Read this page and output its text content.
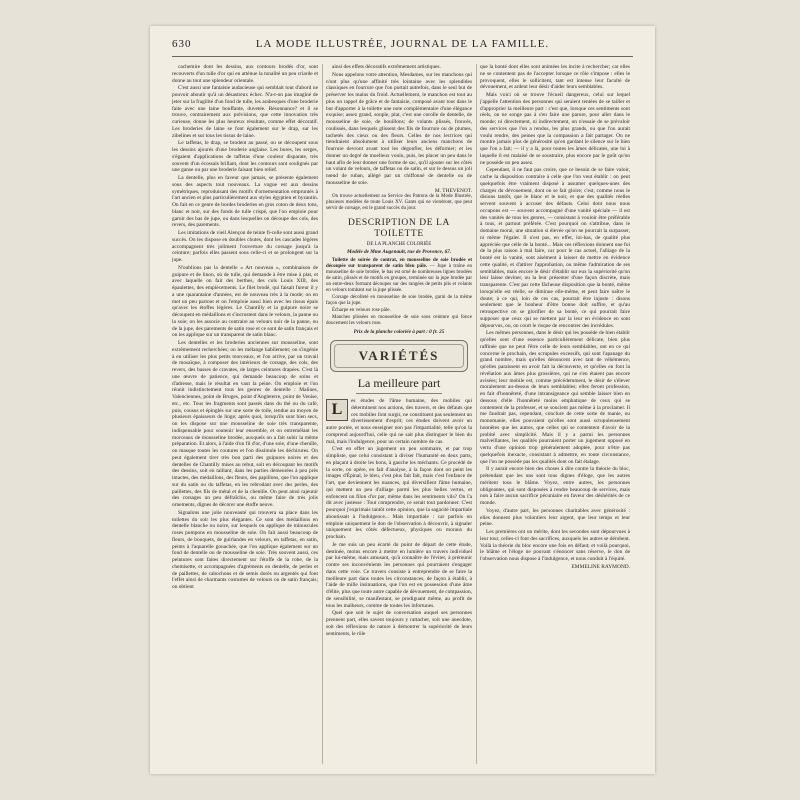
630	LA MODE ILLUSTRÉE, JOURNAL DE LA FAMILLE.

cachemire dont les dessins, aux contours brodés d'or, sont recouverts d'un tulle d'or qui en atténue la tonalité un peu criarde et donne au tout une splendeur orientale.

C'est aussi une fantaisie audacieuse qui semblait tout d'abord ne pouvoir aboutir qu'à un désastreux échec. N'a-t-on pas imaginé de jeter sur la fragilité d'un fond de tulle, les arabesques d'une broderie faite avec une laine bouffante, duvetée. Résonnance? et il se trouve, contrairement aux prévisions, que cette innovation très curieuse, donne les plus heureux résultats, comme effet décoratif. Les broderies de laine se font également sur le drap, sur les zibelines et sur tous les tissus de laine.

Le taffetas, le drap, se brodent au passé, ou se découpent sous les dessins ajourés d'une broderie anglaise. Les bures, les serges, s'égaient d'applications de taffetas d'une couleur disparate, très souvent d'un écossais brillant, dont les contours sont soulignés par une ganse ou par une broderie faisant bien relief.

La dentelle, plus en faveur que jamais, se présente également sous des aspects tout nouveaux. La vogue est aux dessins symétriques, reproduisant des motifs d'ornementation empruntés à l'art ancien et plus particulièrement aux styles égyptien et byzantin. On fait en ce genre de bordes broderies en gros coton de deux tons, blanc et noir, sur des fonds de tulle crispé, que l'on emploie pour garnir des bas de jupe, ou dans lesquelles on découpe des cols, des revers, des parements.

Les imitations de vieil Alençon de teinte fi-celle sont aussi grand succès. On les dispose en doubles chutes, dont les cascades légères accompagnent très joliment l'ouverture du corsage jusqu'à la ceinture; parfois elles passent sous celle-ci et se prolongent sur la jupe.

N'oublions pas la dentelle « Art nouveau », combinaison de guipure et de linon, où de tulle, qui demande à être mise à plat, et avec laquelle on fait des berthes, des cols Louis XIII, des épaulettes, des empiècements. Le filet brodé, qui faisait fureur il y a une quarantaine d'années, est de nouveau très à la mode; on en met un peu partout et on l'emploie aussi bien avec les tissus épais qu'avec les étoffes légères. Le Chantilly et la guipure noire se découpent en médaillons et s'incrustent dans le velours, la panne ou la soie; on les associe au contraire au velours noir de la panne, ou de la jupe, des parements de satin rose et ce sont de satin français et on les applique sur un transparent de satin blanc.

Les dentelles et les broderies anciennes sur mousseline, sont extrêmement recherchées; on les mélange habilement; on s'ingénie à en utiliser les plus petits morceaux, et l'on arrive, par un travail de mosaïque, à composer des intérieurs de corsage, des cols, des revers, des basses de cravates, de larges ceintures drapées. C'est là une œuvre de patience, qui demande beaucoup de soins et d'adresse, mais le résultat en vaut la peine. On emploie et l'on réunit indistinctement tous les genres de dentelle : Malines, Valenciennes, point de Bruges, point d'Angleterre, point de Venise, etc., etc. Tous les fragments sont passés dans du thé ou du café, puis, cousus et épinglés sur une sorte de toile, tendue au moyen de plusieurs épaisseurs de linge; après quoi, lorsqu'ils sont bien secs, on les dispose sur une mousseline de soie très transparente, indispensable pour soutenir leur ensemble, et on entremêlant les morceaux de mousseline brodée, auxquels on a fait subir la même préparation. Et alors, à l'aide d'un fil d'or, d'une soie, d'une chenille, on masque toutes les coutures et l'on dissimule les déchirures. On peut également tirer très bon parti des guipures noires et des dentelles de Chantilly mises au rebut, soit en découpant les motifs des dessins, soit en taillant, dans les parties demeurées à peu près intactes, des médaillons, des fleurs, des papillons, que l'on applique sur du satin ou du taffetas, en les rebrodant avec des perles, des paillettes, des fils de métal et de la chenille. On peut ainsi rajeunir des corsages un peu défraîchis, ou même faire de très jolis ornements, dignes de décorer une étoffe neuve.

Signalons une jolie nouveauté qui trouvera sa place dans les toilettes du soir les plus élégantes. Ce sont des médaillons en dentelle blanche ou noire, sur lesquels on applique de minuscules roses pompons en mousseline de soie. On fait aussi beaucoup de fleurs, de bouquets, de guirlandes en velours, en taffetas, en satin, peints à l'aquarelle gouachée, que l'on applique également sur un fond de dentelle ou de mousseline de soie. Très souvent aussi, ces peintures sont faites directement sur l'étoffe de la robe, de la chemisette, et accompagnées d'agréments en dentelle, de perles et de paillettes, de cabochons et de semis dorés ou argentés qui font l'effet ainsi de charmants costumes de velours ou de satin français; on obtient

ainsi des effets décoratifs extrêmement artistiques.

Nous appelons votre attention, Mesdames, sur les manchons qui n'ont plus qu'une affinité très lointaine avec les splendides classiques en fourrure que l'on portait autrefois, dans le seul but de préserver les mains du froid. Actuellement, le manchon est tout au plus un rappel de grâce et de fantaisie, composé avant tout dans le but d'apporter à la toilette une note complémentaire d'une élégance exquise; assez grand, souple, plat, c'est une corolle de dentelle, de mousseline de soie, de bouillons; de volants plissés, froncés, coulissés, dans lesquels glissent des fils de fourrure ou de plumes, tachetés des cieux ou des fleurs. Celles de nos lectrices qui tiendraient absolument à utiliser leurs anciens manchons de fourrure devront avant tout les dégonfler, les déformer; et les donner un degré de moelleux voulu, puis, les placer un peu dans le haut afin de leur donner une forme de sac, qu'il ajouter sur les côtés un volant de velours, de taffetas ou de satin, et sur le dessus un joli nœud de ruban, allégé par un chiffonné de dentelle ou de mousseline de soie.

M. THEVENOT.

On trouve actuellement au Service des Patrons de la Mode Illustrée, plusieurs modèles de toute Louis XV. Gants qui ne viendront, que peut servir de corsage, est le grand succès du jour.

DESCRIPTION DE LA TOILETTE
DE LA PLANCHE COLORIÉE
Modèle de Mme Augenault, rue de Provence, 67.

Toilette de soirée de contrat, en mousseline de soie brodée et découpée sur transparent de satin bleu pâle. — Jupe à traîne en mousseline de soie brodée, le bas est orné de nombreuses lignes brodées de satin, plissés et de motifs en groupes, terminée sur la jupe brodée par un entre-deux formant découpes sur des rangées de petits plis et volants en velours tombant sur la jupe plissée.

Corsage décolleté en mousseline de soie brodée, garni de la même façon que la jupe.

Écharpe en velours rose pâle.

Manches plissées en mousseline de soie sous ceinture qui fonce doucement les velours rose.

Prix de la planche coloriée à part : 0 fr. 25
VARIÉTÉS
La meilleure part
L	es études de l'âme humaine, des mobiles qui déterminent nos actions, des travers, et des défauts que ces mobiles font surgir, ne constituent pas seulement un divertissement d'esprit; ces études doivent avoir un autre portée, et nous enseigner non pas l'impartialité, telle qu'on la comprend aujourd'hui, celle qui ne sait plus distinguer le bien du mal, mais l'indulgence, pour un certain nombre de cas.

C'est en effet un jugement un peu sommaire, et par trop simpliste, que celui consistant à diviser l'humanité en deux parts, en plaçant à droite les bons, à gauche les méchants. Ce procédé de la sorte, on opère, en fait d'analyse, à la façon dont on peint les images d'Épinal, le bleu, c'est plus fait fait, mais c'est l'enfance de l'art, que deviennent les nuances, qui diversifient l'âme humaine, qui mettent un peu d'alliage parmi les plus belles vertus, et enfoncent un filon d'or par, même dans les sentiments vils? On l'a dit avec justesse : Tout comprendre, ce serait tout pardonner. C'est pourquoi j'exprimais tantôt cette opinion, que la sagacité impartiale aboutissait à l'indulgence... Mais impartiale : car parfois on emploie uniquement le don de l'observation à découvrir, à signaler uniquement les côtés défectueux, physiques ou moraux du prochain.

Je me suis un peu écarté du point de départ de cette étude, destinée, moins encore à mettre en lumière un travers individuel par lui-même, mais amusant, qu'à connaître de l'éviter, à prémunir contre ses inconvénients les personnes qui pourraient s'engager dans cette voie. Ce travers consiste à entreprendre de se faire la meilleure part dans toutes les circonstances, de façon à établir, à l'aide de mille insinuations, que l'on est en possession d'une âme d'élite, plus que toute autre capable de dévouement, de compassion, de sensibilité, se manifestant, se prodiguant même, au profit de tous les malheurs, comme de toutes les infortunes.

Quel que soit le sujet de conversation auquel ses personnes prennent part, elles savent toujours y rattacher, soit une anecdote, soit des réflexions de nature à démontrer la supériorité de leurs sentiments, le rôle

que la bonté dont elles sont animées les incite à rechercher; car elles ne se contentent pas de l'accepter lorsque ce rôle s'impose : elles le provoquent, elles le sollicitent, tant est intense leur faculté de dévouement, et ardent leur désir d'aider leurs semblables.

Mais voici où se trouve l'écueil dangereux, celui sur lequel j'appelle l'attention des personnes qui seraient tentées de se tailler et d'approprier la meilleure part : c'est que, lorsque ces sentiments sont réels, on ne songe pas à s'en faire une parure, pour aller dans le monde; ni directement, ni indirectement, on n'essaie de se prévaloir des services que l'on a rendus, les plus grands, ou que l'on aurait voulu rendre, des peines que la compassion a fait partager. On ne montre jamais plus de générosité qu'en gardant le silence sur le bien que l'on a fait; — il y a là, pour toutes les âmes délicates, une loi à laquelle il est malaisé de se soustraire, plus encore par le goût qu'on ne possède un peu assez.

Cependant, il ne faut pas croire, que ce besoin de se faire valoir, cache la disposition contraire à celle que l'on veut établir : on peut quelquefois être vraiment disposé à assumer quelques-unes des charges du dévouement, dont on se fait gloire; c'est, comme nous le disions tantôt, que le blanc et le noir, et que des qualités réelles servent souvent à accuser des défauts. Celui dont nous nous occupons est — souvent accompagné d'une vanité spéciale — il est des vanités de tous les genres, — consistant à vouloir être préférable à tous, et partout préférée. C'est pourquoi on s'attribue, dans le domaine moral, une situation si élevée qu'on ne pourrait la surpasser, ni même l'égaler. Il n'est pas, en effet, loi-bas, de qualité plus appréciée que celle de la bonté... Mais ces réflexions donnent une foi de la plus raison à mal faire, car pour le cas actuel, l'alliage de la bonté est la vanité, sont aisément à laisser de mettre en évidence cette qualité, et d'attirer l'approbation, ou même l'admiration de ses semblables, mais encore le désir d'établir sur eux la supériorité qu'on leur laisse deviner, ou la leur présenter d'une façon discrète, mais transparente. C'est par cette fâcheuse disposition que la bonté, même lorsqu'elle est réelle, se diminue elle-même, et peut faire naître le doute; à ce qui, loin de ces cas, pourrait être injuste : disons seulement que le bonheur d'être bonne doit suffire, et qu'au retrospective on se glorifier de sa bonté, ce qui pourrait faire supposer que ceux qui se mettent par la leur en évidence en sont dépourvus, ou, on court le risque de rencontrer des incrédules.

Les mêmes personnes, dans le désir qui les possède de bien établir qu'elles sont d'une essence particulièrement délicate, bien plus raffinée que ne peut l'être celle de leurs semblables, ont en ce qui concerne le prochain, des scrupules excessifs, qui sont l'apanage du grand nombre, mais qu'elles dénoncent avec tant de véhémence, qu'elles paraissent en avoir fait la découverte, et qu'elles en font la révélation aux âmes plus grossières, qui ne s'en étaient pas encore avisées; leur mobile est, comme précédemment, le désir de s'élever moralement au-dessus de leurs semblables; elles feront profession, en fait d'honnêteté, d'une intransigeance qui semble laisser bien en dessous d'elle l'honnêteté moins emphatique de ceux qui se contentent de la professer, et se soucient pas même à la proclamer. Il me faudrait pas, cependant, conclure de cette sorte de manie, ou monomanie, elles pouvaient qu'elles sont aussi scrupuleusement honnêtes que les autres, que celles qui se contentent d'avoir de la probité avec simplicité. Mais il y a parmi les personnes malveillantes, les qualités pourraient porter un jugement opposé en vertu d'une opinion trop généralement adoptée, pour n'être pas quelquefois inexacte, consistant à admettre, en toute circonstance, que l'on ne possède pas les qualités dont on fait étalage.

Il y aurait encore bien des choses à dire contre la théorie du bloc, prétendant que les uns sont tous dignes d'éloge, que les autres méritent tous le blâme. Voyez, entre autres, les personnes obligeantes, qui sont disposées à rendre beaucoup de services, mais non à faire aucun sacrifice pécuniaire en faveur des déshérités de ce monde.

Voyez, d'autre part, les personnes charitables avec générosité : elles donnent plus volontiers leur argent, que leur temps et leur peine.

Les premières ont un mérite, dont les secondes sont dépourvues à leur tour, celles-ci font des sacrifices, auxquels les autres se dérobent. Voilà la théorie du bloc encore une fois en défaut; et voilà pourquoi, le blâme et l'éloge ne pouvant s'énoncer sans réserve, le don de l'observation nous dispose à l'indulgence, et nous conduit à l'équité.

EMMELINE RAYMOND.
